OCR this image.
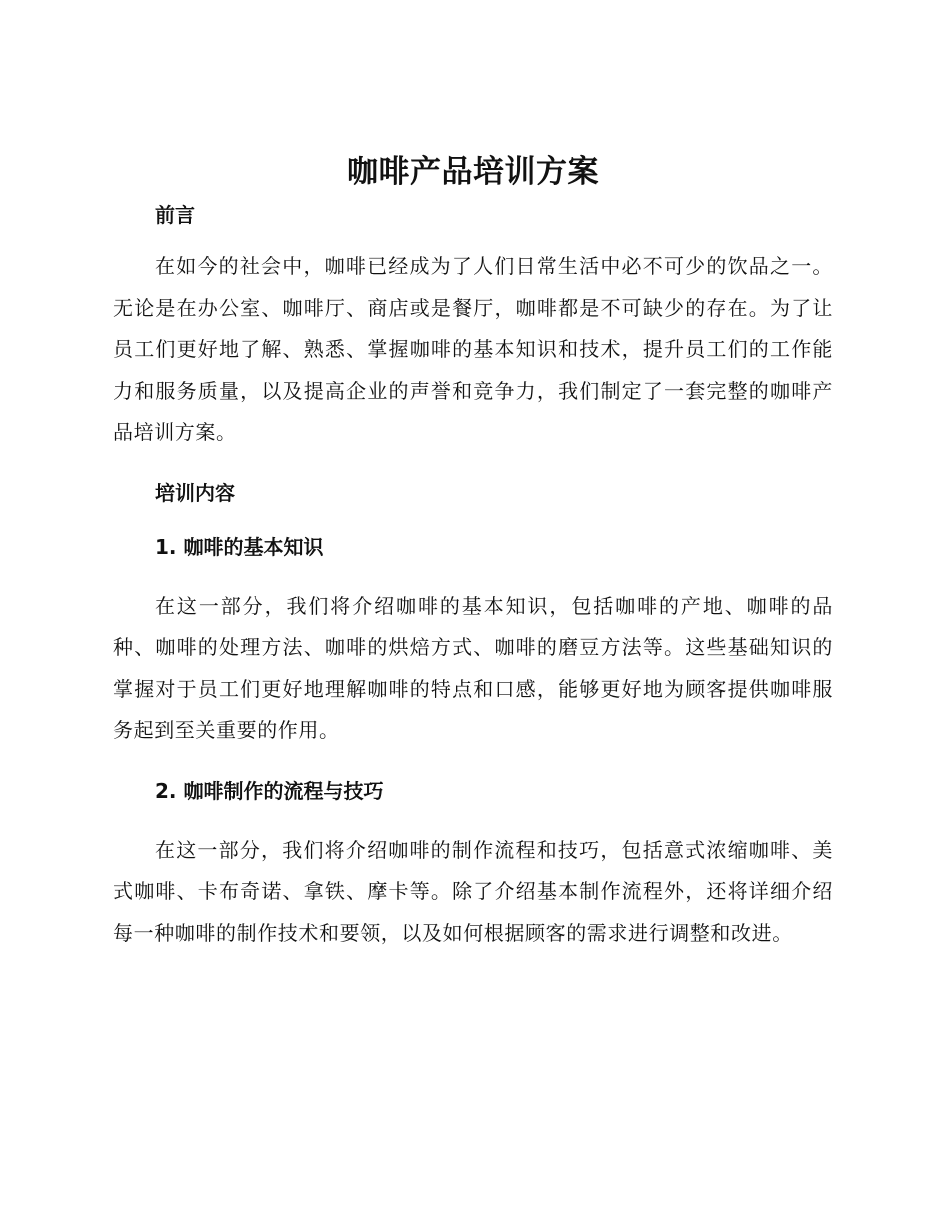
咖啡产品培训方案

前言

在如今的社会中，咖啡已经成为了人们日常生活中必不可少的饮品之一。无论是在办公室、咖啡厅、商店或是餐厅，咖啡都是不可缺少的存在。为了让员工们更好地了解、熟悉、掌握咖啡的基本知识和技术，提升员工们的工作能力和服务质量，以及提高企业的声誉和竞争力，我们制定了一套完整的咖啡产品培训方案。

培训内容

1. 咖啡的基本知识

在这一部分，我们将介绍咖啡的基本知识，包括咖啡的产地、咖啡的品种、咖啡的处理方法、咖啡的烘焙方式、咖啡的磨豆方法等。这些基础知识的掌握对于员工们更好地理解咖啡的特点和口感，能够更好地为顾客提供咖啡服务起到至关重要的作用。

2. 咖啡制作的流程与技巧

在这一部分，我们将介绍咖啡的制作流程和技巧，包括意式浓缩咖啡、美式咖啡、卡布奇诺、拿铁、摩卡等。除了介绍基本制作流程外，还将详细介绍每一种咖啡的制作技术和要领，以及如何根据顾客的需求进行调整和改进。
